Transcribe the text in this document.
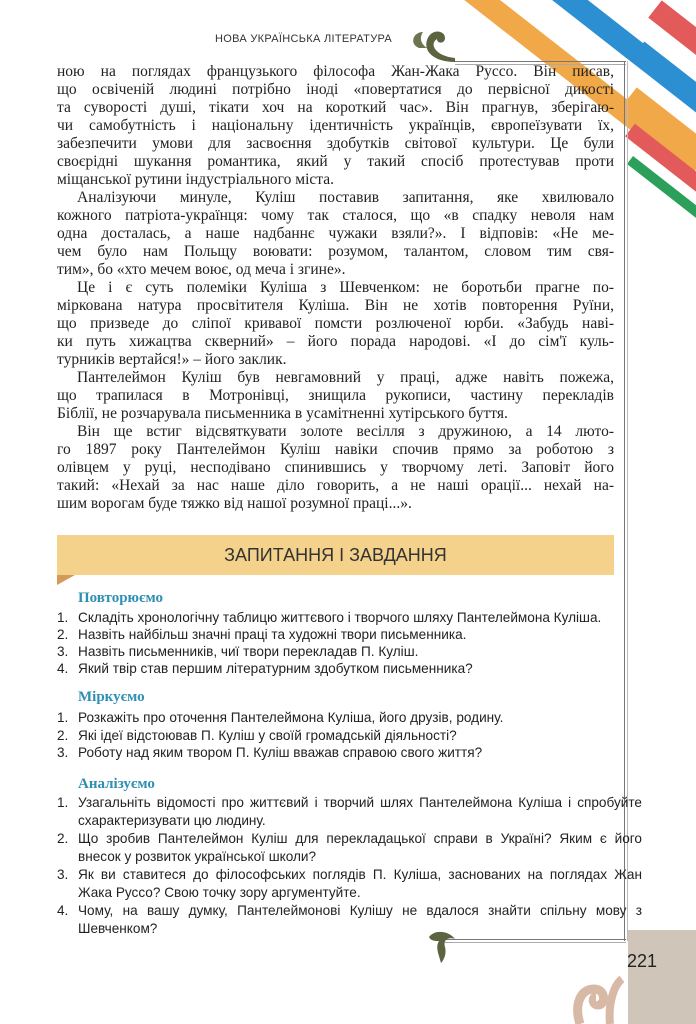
НОВА УКРАЇНСЬКА ЛІТЕРАТУРА
ною на поглядах французького філософа Жан-Жака Руссо. Він писав,
що освіченій людині потрібно іноді «повертатися до первісної дикості
та суворості душі, тікати хоч на короткий час». Він прагнув, зберігаю-
чи самобутність і національну ідентичність українців, європеїзувати їх,
забезпечити умови для засвоєння здобутків світової культури. Це були
своєрідні шукання романтика, який у такий спосіб протестував проти
міщанської рутини індустріального міста.
Аналізуючи минуле, Куліш поставив запитання, яке хвилювало
кожного патріота-українця: чому так сталося, що «в спадку неволя нам
одна досталась, а наше надбаннє чужаки взяли?». І відповів: «Не ме-
чем було нам Польщу воювати: розумом, талантом, словом тим свя-
тим», бо «хто мечем воює, од меча і згине».
Це і є суть полеміки Куліша з Шевченком: не боротьби прагне по-
міркована натура просвітителя Куліша. Він не хотів повторення Руїни,
що призведе до сліпої кривавої помсти розлюченої юрби. «Забудь наві-
ки путь хижацтва скверний» – його порада народові. «І до сім'ї куль-
турників вертайся!» – його заклик.
Пантелеймон Куліш був невгамовний у праці, адже навіть пожежа,
що трапилася в Мотронівці, знищила рукописи, частину перекладів
Біблії, не розчарувала письменника в усамітненні хутірського буття.
Він ще встиг відсвяткувати золоте весілля з дружиною, а 14 люто-
го 1897 року Пантелеймон Куліш навіки спочив прямо за роботою з
олівцем у руці, несподівано спинившись у творчому леті. Заповіт його
такий: «Нехай за нас наше діло говорить, а не наші орації... нехай на-
шим ворогам буде тяжко від нашої розумної праці...».
ЗАПИТАННЯ І ЗАВДАННЯ
Повторюємо
1. Складіть хронологічну таблицю життєвого і творчого шляху Пантелеймона Куліша.
2. Назвіть найбільш значні праці та художні твори письменника.
3. Назвіть письменників, чиї твори перекладав П. Куліш.
4. Який твір став першим літературним здобутком письменника?
Міркуємо
1. Розкажіть про оточення Пантелеймона Куліша, його друзів, родину.
2. Які ідеї відстоював П. Куліш у своїй громадській діяльності?
3. Роботу над яким твором П. Куліш вважав справою свого життя?
Аналізуємо
1. Узагальніть відомості про життєвий і творчий шлях Пантелеймона Куліша і спробуйте схарактеризувати цю людину.
2. Що зробив Пантелеймон Куліш для перекладацької справи в Україні? Яким є його внесок у розвиток української школи?
3. Як ви ставитеся до філософських поглядів П. Куліша, заснованих на поглядах Жан Жака Руссо? Свою точку зору аргументуйте.
4. Чому, на вашу думку, Пантелеймонові Кулішу не вдалося знайти спільну мову з Шевченком?
221
